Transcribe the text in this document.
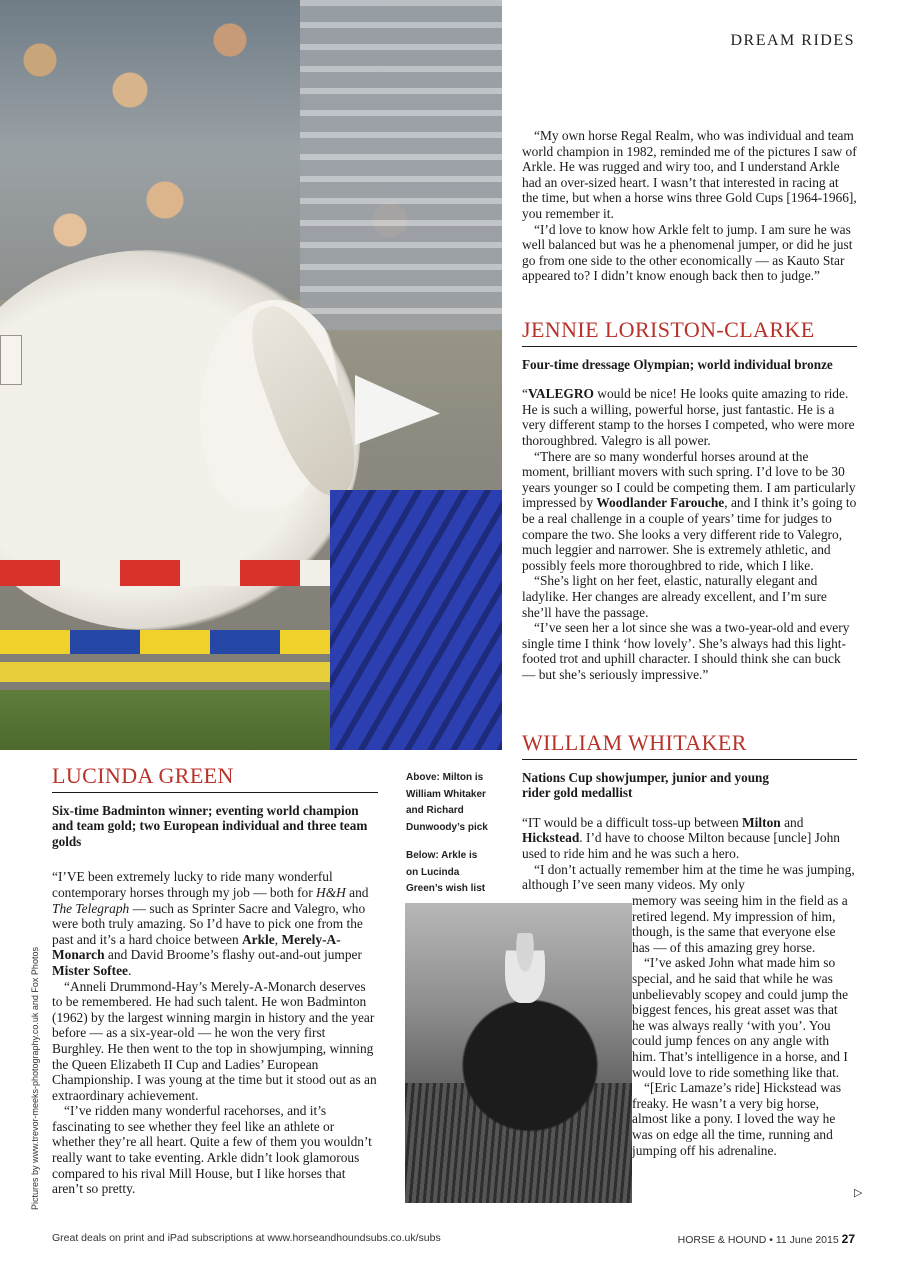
DREAM RIDES

“My own horse Regal Realm, who was individual and team world champion in 1982, reminded me of the pictures I saw of Arkle. He was rugged and wiry too, and I understand Arkle had an over-sized heart. I wasn’t that interested in racing at the time, but when a horse wins three Gold Cups [1964-1966], you remember it.

“I’d love to know how Arkle felt to jump. I am sure he was well balanced but was he a phenomenal jumper, or did he just go from one side to the other economically — as Kauto Star appeared to? I didn’t know enough back then to judge.”

JENNIE LORISTON-CLARKE
Four-time dressage Olympian; world individual bronze

“VALEGRO would be nice! He looks quite amazing to ride. He is such a willing, powerful horse, just fantastic. He is a very different stamp to the horses I competed, who were more thoroughbred. Valegro is all power.

“There are so many wonderful horses around at the moment, brilliant movers with such spring. I’d love to be 30 years younger so I could be competing them. I am particularly impressed by Woodlander Farouche, and I think it’s going to be a real challenge in a couple of years’ time for judges to compare the two. She looks a very different ride to Valegro, much leggier and narrower. She is extremely athletic, and possibly feels more thoroughbred to ride, which I like.

“She’s light on her feet, elastic, naturally elegant and ladylike. Her changes are already excellent, and I’m sure she’ll have the passage.

“I’ve seen her a lot since she was a two-year-old and every single time I think ‘how lovely’. She’s always had this light-footed trot and uphill character. I should think she can buck — but she’s seriously impressive.”

WILLIAM WHITAKER
Nations Cup showjumper, junior and young rider gold medallist

“IT would be a difficult toss-up between Milton and Hickstead. I’d have to choose Milton because [uncle] John used to ride him and he was such a hero.

“I don’t actually remember him at the time he was jumping, although I’ve seen many videos. My only

memory was seeing him in the field as a retired legend. My impression of him, though, is the same that everyone else has — of this amazing grey horse.

“I’ve asked John what made him so special, and he said that while he was unbelievably scopey and could jump the biggest fences, his great asset was that he was always really ‘with you’. You could jump fences on any angle with him. That’s intelligence in a horse, and I would love to ride something like that.

“[Eric Lamaze’s ride] Hickstead was freaky. He wasn’t a very big horse, almost like a pony. I loved the way he was on edge all the time, running and jumping off his adrenaline.

LUCINDA GREEN
Six-time Badminton winner; eventing world champion and team gold; two European individual and three team golds

“I’VE been extremely lucky to ride many wonderful contemporary horses through my job — both for H&H and The Telegraph — such as Sprinter Sacre and Valegro, who were both truly amazing. So I’d have to pick one from the past and it’s a hard choice between Arkle, Merely-A-Monarch and David Broome’s flashy out-and-out jumper Mister Softee.

“Anneli Drummond-Hay’s Merely-A-Monarch deserves to be remembered. He had such talent. He won Badminton (1962) by the largest winning margin in history and the year before — as a six-year-old — he won the very first Burghley. He then went to the top in showjumping, winning the Queen Elizabeth II Cup and Ladies’ European Championship. I was young at the time but it stood out as an extraordinary achievement.

“I’ve ridden many wonderful racehorses, and it’s fascinating to see whether they feel like an athlete or whether they’re all heart. Quite a few of them you wouldn’t really want to take eventing. Arkle didn’t look glamorous compared to his rival Mill House, but I like horses that aren’t so pretty.

Above: Milton is William Whitaker and Richard Dunwoody’s pick
Below: Arkle is on Lucinda Green’s wish list
Pictures by www.trevor-meeks-photography.co.uk and Fox Photos	▷
Great deals on print and iPad subscriptions at www.horseandhoundsubs.co.uk/subs	HORSE & HOUND • 11 June 2015 27
